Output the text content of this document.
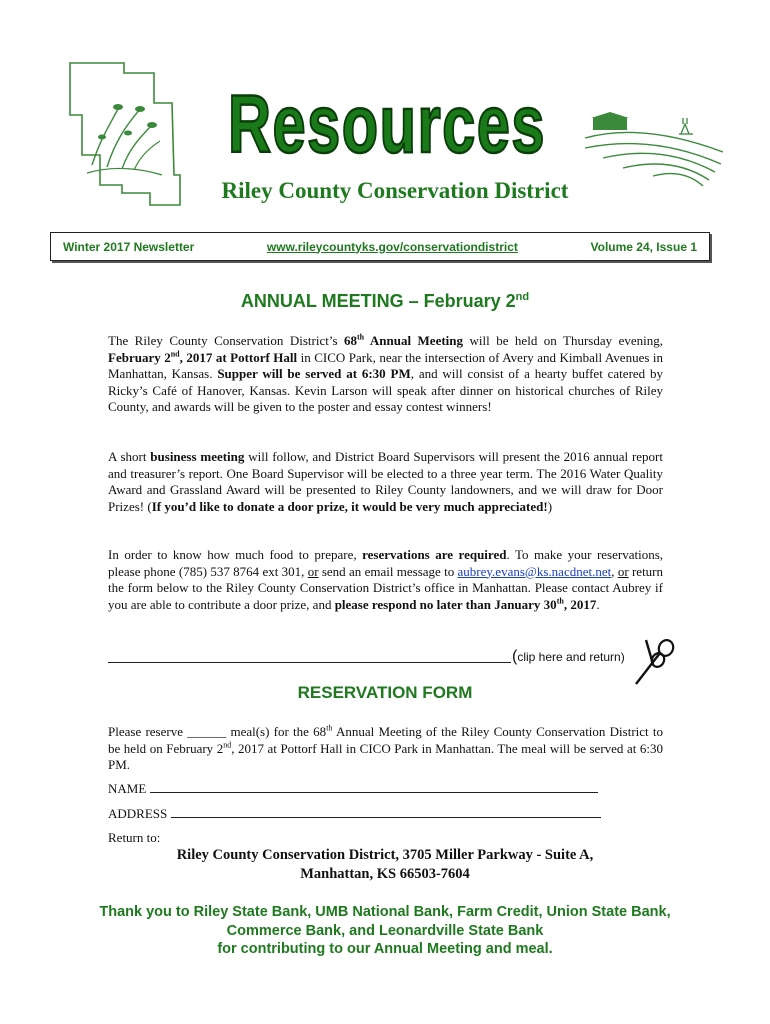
Resources
Riley County Conservation District
Winter 2017 Newsletter	www.rileycountyks.gov/conservationdistrict	Volume 24, Issue 1
ANNUAL MEETING – February 2nd
The Riley County Conservation District’s 68th Annual Meeting will be held on Thursday evening, February 2nd, 2017 at Pottorf Hall in CICO Park, near the intersection of Avery and Kimball Avenues in Manhattan, Kansas. Supper will be served at 6:30 PM, and will consist of a hearty buffet catered by Ricky’s Café of Hanover, Kansas. Kevin Larson will speak after dinner on historical churches of Riley County, and awards will be given to the poster and essay contest winners!
A short business meeting will follow, and District Board Supervisors will present the 2016 annual report and treasurer’s report. One Board Supervisor will be elected to a three year term. The 2016 Water Quality Award and Grassland Award will be presented to Riley County landowners, and we will draw for Door Prizes! (If you’d like to donate a door prize, it would be very much appreciated!)
In order to know how much food to prepare, reservations are required. To make your reservations, please phone (785) 537 8764 ext 301, or send an email message to aubrey.evans@ks.nacdnet.net, or return the form below to the Riley County Conservation District’s office in Manhattan. Please contact Aubrey if you are able to contribute a door prize, and please respond no later than January 30th, 2017.
(clip here and return)
RESERVATION FORM
Please reserve ______ meal(s) for the 68th Annual Meeting of the Riley County Conservation District to be held on February 2nd, 2017 at Pottorf Hall in CICO Park in Manhattan. The meal will be served at 6:30 PM.
NAME
ADDRESS
Return to:
Riley County Conservation District, 3705 Miller Parkway - Suite A,
Manhattan, KS 66503-7604
Thank you to Riley State Bank, UMB National Bank, Farm Credit, Union State Bank,
Commerce Bank, and Leonardville State Bank
for contributing to our Annual Meeting and meal.
